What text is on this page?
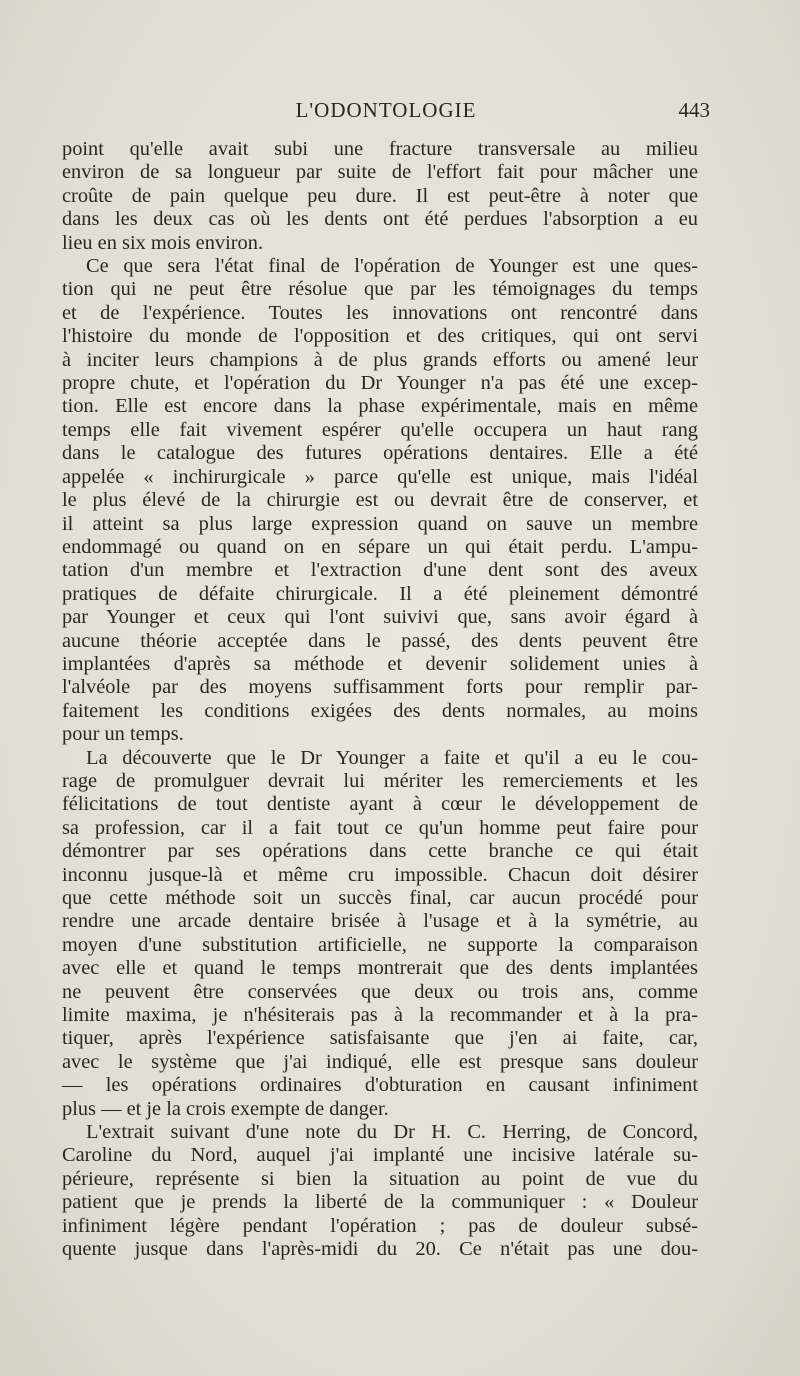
L'ODONTOLOGIE	443
point qu'elle avait subi une fracture transversale au milieu
environ de sa longueur par suite de l'effort fait pour mâcher une
croûte de pain quelque peu dure. Il est peut-être à noter que
dans les deux cas où les dents ont été perdues l'absorption a eu
lieu en six mois environ.
Ce que sera l'état final de l'opération de Younger est une ques-
tion qui ne peut être résolue que par les témoignages du temps
et de l'expérience. Toutes les innovations ont rencontré dans
l'histoire du monde de l'opposition et des critiques, qui ont servi
à inciter leurs champions à de plus grands efforts ou amené leur
propre chute, et l'opération du Dr Younger n'a pas été une excep-
tion. Elle est encore dans la phase expérimentale, mais en même
temps elle fait vivement espérer qu'elle occupera un haut rang
dans le catalogue des futures opérations dentaires. Elle a été
appelée « inchirurgicale » parce qu'elle est unique, mais l'idéal
le plus élevé de la chirurgie est ou devrait être de conserver, et
il atteint sa plus large expression quand on sauve un membre
endommagé ou quand on en sépare un qui était perdu. L'ampu-
tation d'un membre et l'extraction d'une dent sont des aveux
pratiques de défaite chirurgicale. Il a été pleinement démontré
par Younger et ceux qui l'ont suivivi que, sans avoir égard à
aucune théorie acceptée dans le passé, des dents peuvent être
implantées d'après sa méthode et devenir solidement unies à
l'alvéole par des moyens suffisamment forts pour remplir par-
faitement les conditions exigées des dents normales, au moins
pour un temps.
La découverte que le Dr Younger a faite et qu'il a eu le cou-
rage de promulguer devrait lui mériter les remerciements et les
félicitations de tout dentiste ayant à cœur le développement de
sa profession, car il a fait tout ce qu'un homme peut faire pour
démontrer par ses opérations dans cette branche ce qui était
inconnu jusque-là et même cru impossible. Chacun doit désirer
que cette méthode soit un succès final, car aucun procédé pour
rendre une arcade dentaire brisée à l'usage et à la symétrie, au
moyen d'une substitution artificielle, ne supporte la comparaison
avec elle et quand le temps montrerait que des dents implantées
ne peuvent être conservées que deux ou trois ans, comme
limite maxima, je n'hésiterais pas à la recommander et à la pra-
tiquer, après l'expérience satisfaisante que j'en ai faite, car,
avec le système que j'ai indiqué, elle est presque sans douleur
— les opérations ordinaires d'obturation en causant infiniment
plus — et je la crois exempte de danger.
L'extrait suivant d'une note du Dr H. C. Herring, de Concord,
Caroline du Nord, auquel j'ai implanté une incisive latérale su-
périeure, représente si bien la situation au point de vue du
patient que je prends la liberté de la communiquer : « Douleur
infiniment légère pendant l'opération ; pas de douleur subsé-
quente jusque dans l'après-midi du 20. Ce n'était pas une dou-
